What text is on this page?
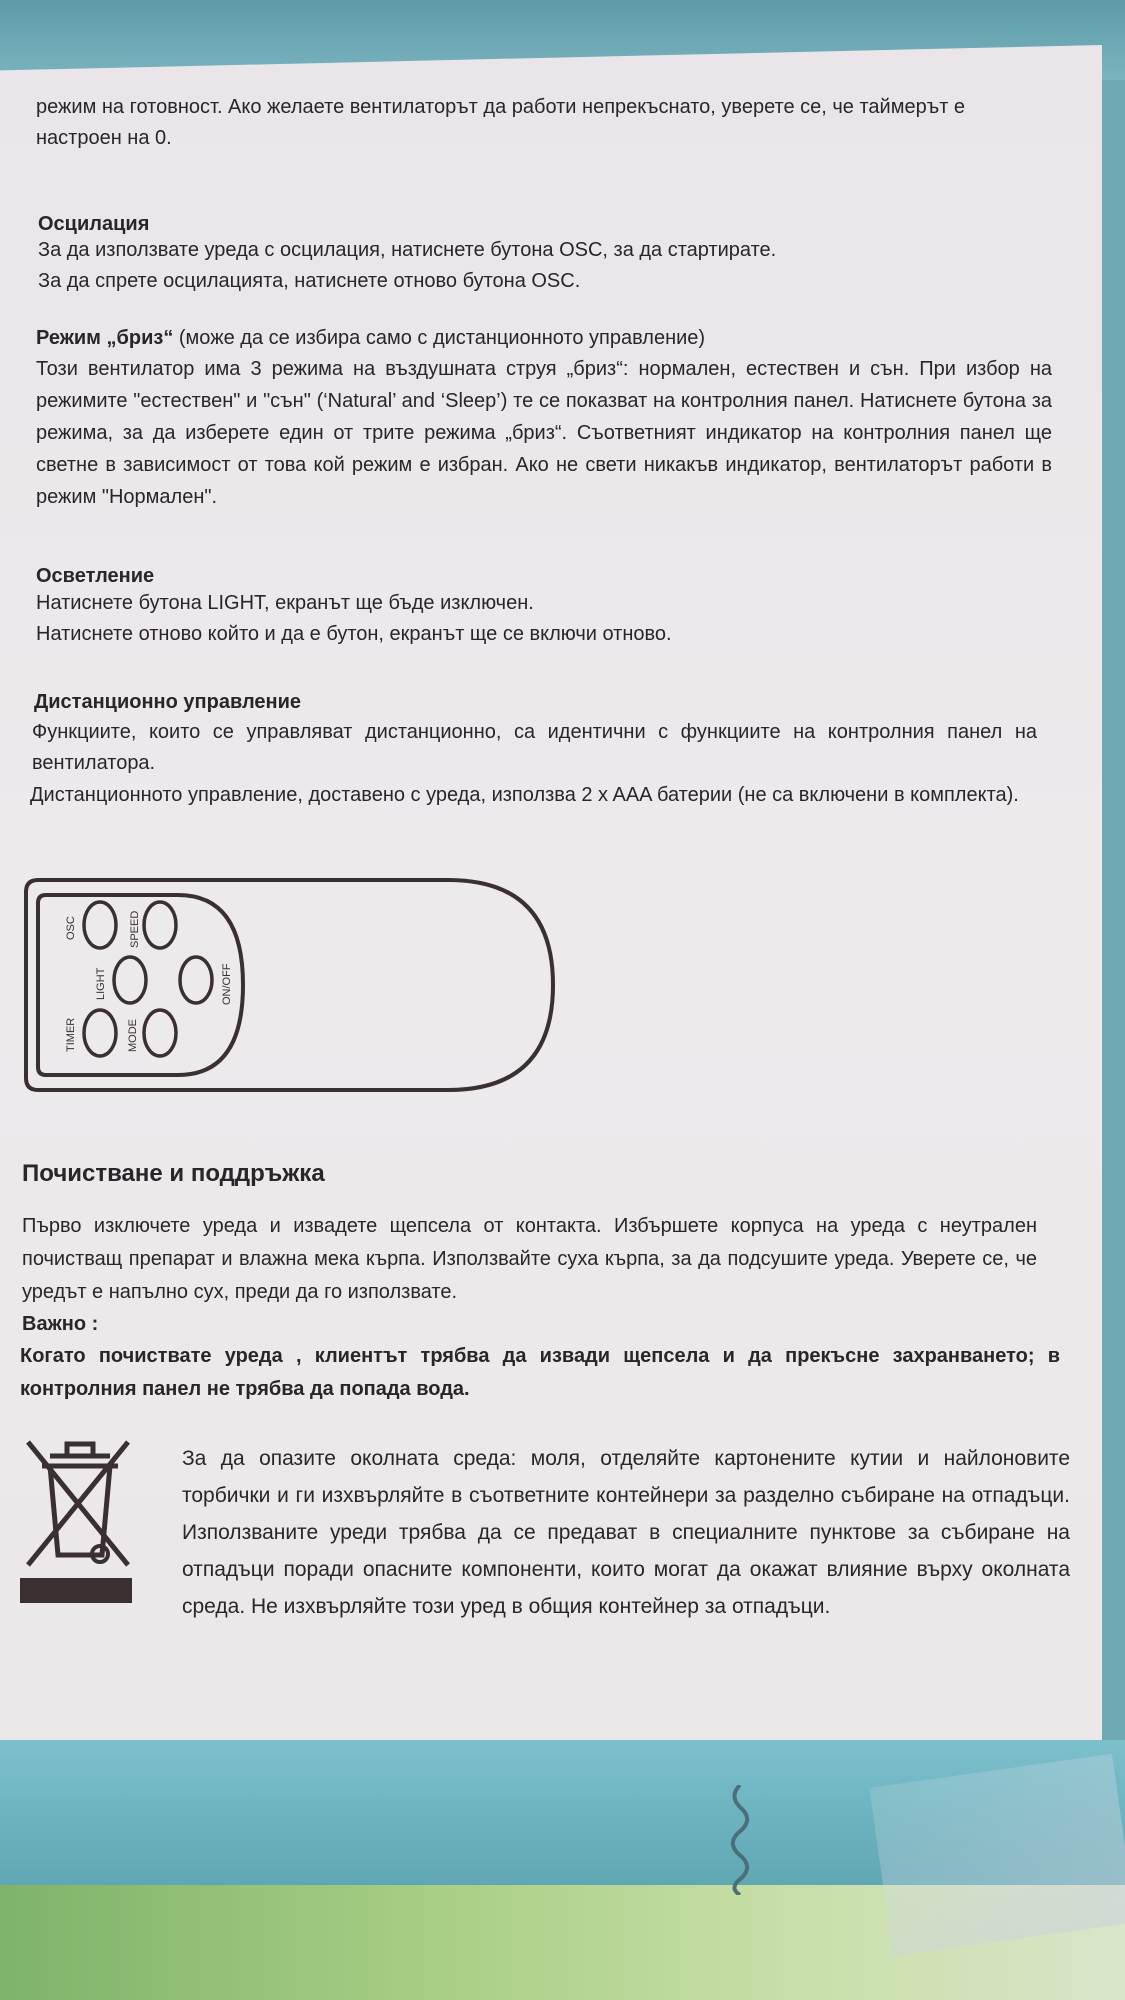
режим на готовност. Ако желаете вентилаторът да работи непрекъснато, уверете се, че таймерът е
настроен на 0.

Осцилация

За да използвате уреда с осцилация, натиснете бутона OSC, за да стартирате.
За да спрете осцилацията, натиснете отново бутона OSC.

Режим „бриз“ (може да се избира само с дистанционното управление)

Този вентилатор има 3 режима на въздушната струя „бриз“: нормален, естествен и сън. При избор на режимите "естествен" и "сън" (‘Natural’ and ‘Sleep’) те се показват на контролния панел. Натиснете бутона за режима, за да изберете един от трите режима „бриз“. Съответният индикатор на контролния панел ще светне в зависимост от това кой режим е избран. Ако не свети никакъв индикатор, вентилаторът работи в режим "Нормален".

Осветление

Натиснете бутона LIGHT, екранът ще бъде изключен.
Натиснете отново който и да е бутон, екранът ще се включи отново.

Дистанционно управление

Функциите, които се управляват дистанционно, са идентични с функциите на контролния панел на вентилатора.

Дистанционното управление, доставено с уреда, използва 2 x AAA батерии (не са включени в комплекта).

OSC	SPEED
LIGHT	ON/OFF
TIMER	MODE
Почистване и поддръжка

Първо изключете уреда и извадете щепсела от контакта. Избършете корпуса на уреда с неутрален почистващ препарат и влажна мека кърпа. Използвайте суха кърпа, за да подсушите уреда. Уверете се, че уредът е напълно сух, преди да го използвате.

Важно :

Когато почиствате уреда , клиентът трябва да извади щепсела и да прекъсне захранването; в контролния панел не трябва да попада вода.

За да опазите околната среда: моля, отделяйте картонените кутии и найлоновите торбички и ги изхвърляйте в съответните контейнери за разделно събиране на отпадъци. Използваните уреди трябва да се предават в специалните пунктове за събиране на отпадъци поради опасните компоненти, които могат да окажат влияние върху околната среда. Не изхвърляйте този уред в общия контейнер за отпадъци.
